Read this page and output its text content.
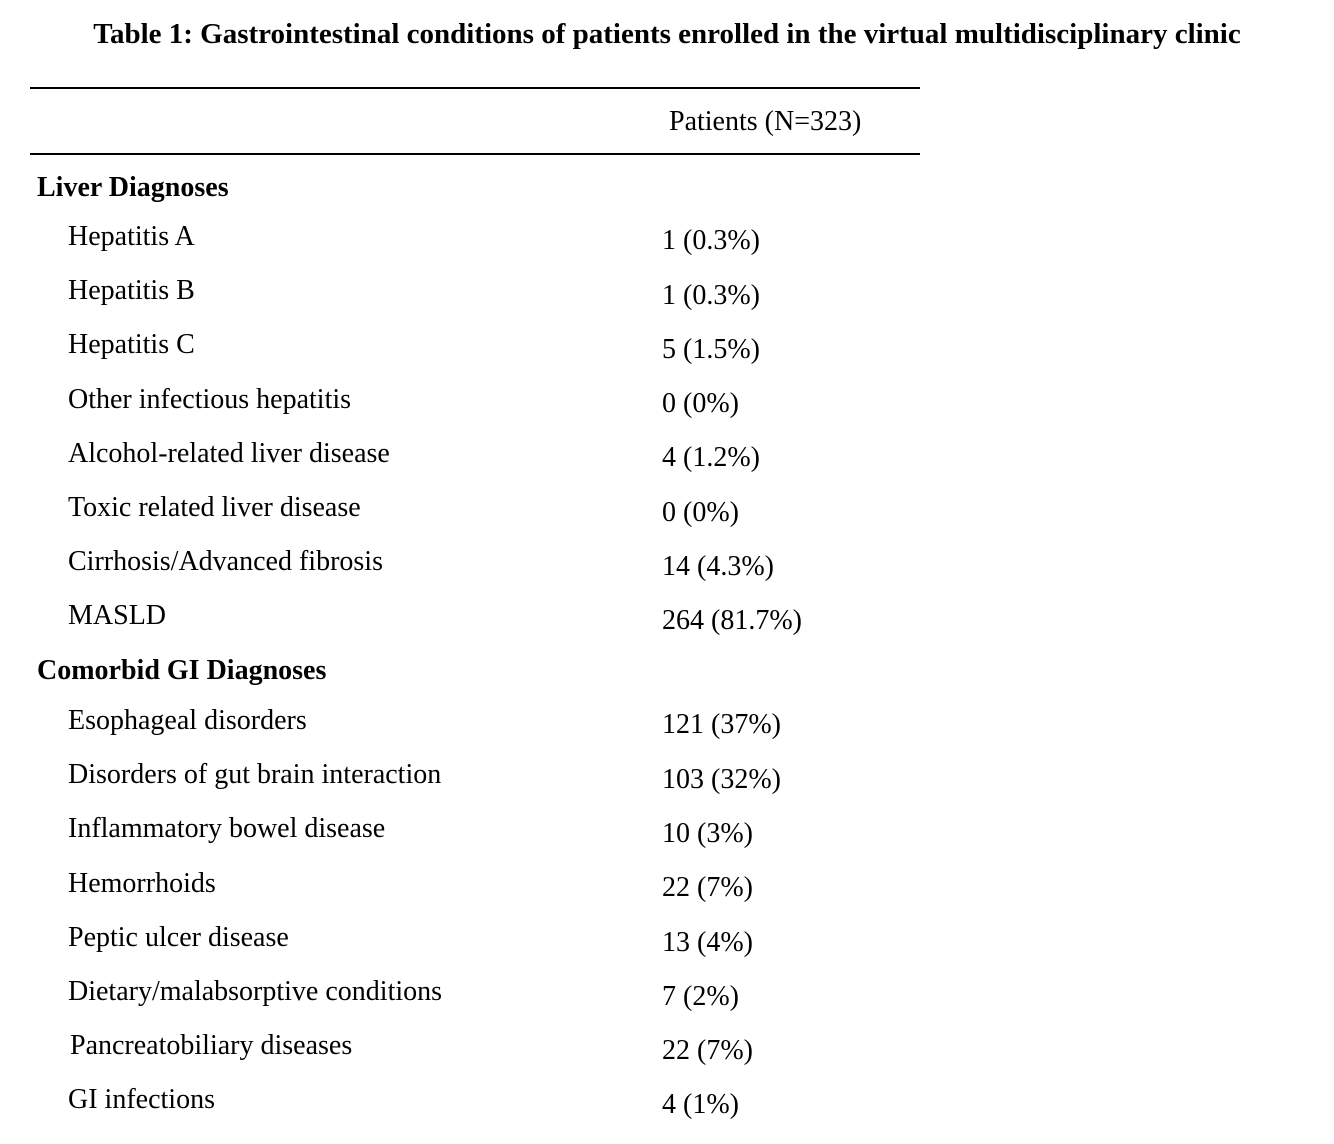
Table 1: Gastrointestinal conditions of patients enrolled in the virtual multidisciplinary clinic
Patients (N=323)
Liver Diagnoses
Hepatitis A	1 (0.3%)
Hepatitis B	1 (0.3%)
Hepatitis C	5 (1.5%)
Other infectious hepatitis	0 (0%)
Alcohol-related liver disease	4 (1.2%)
Toxic related liver disease	0 (0%)
Cirrhosis/Advanced fibrosis	14 (4.3%)
MASLD	264 (81.7%)
Comorbid GI Diagnoses
Esophageal disorders	121 (37%)
Disorders of gut brain interaction	103 (32%)
Inflammatory bowel disease	10 (3%)
Hemorrhoids	22 (7%)
Peptic ulcer disease	13 (4%)
Dietary/malabsorptive conditions	7 (2%)
Pancreatobiliary diseases	22 (7%)
GI infections	4 (1%)
